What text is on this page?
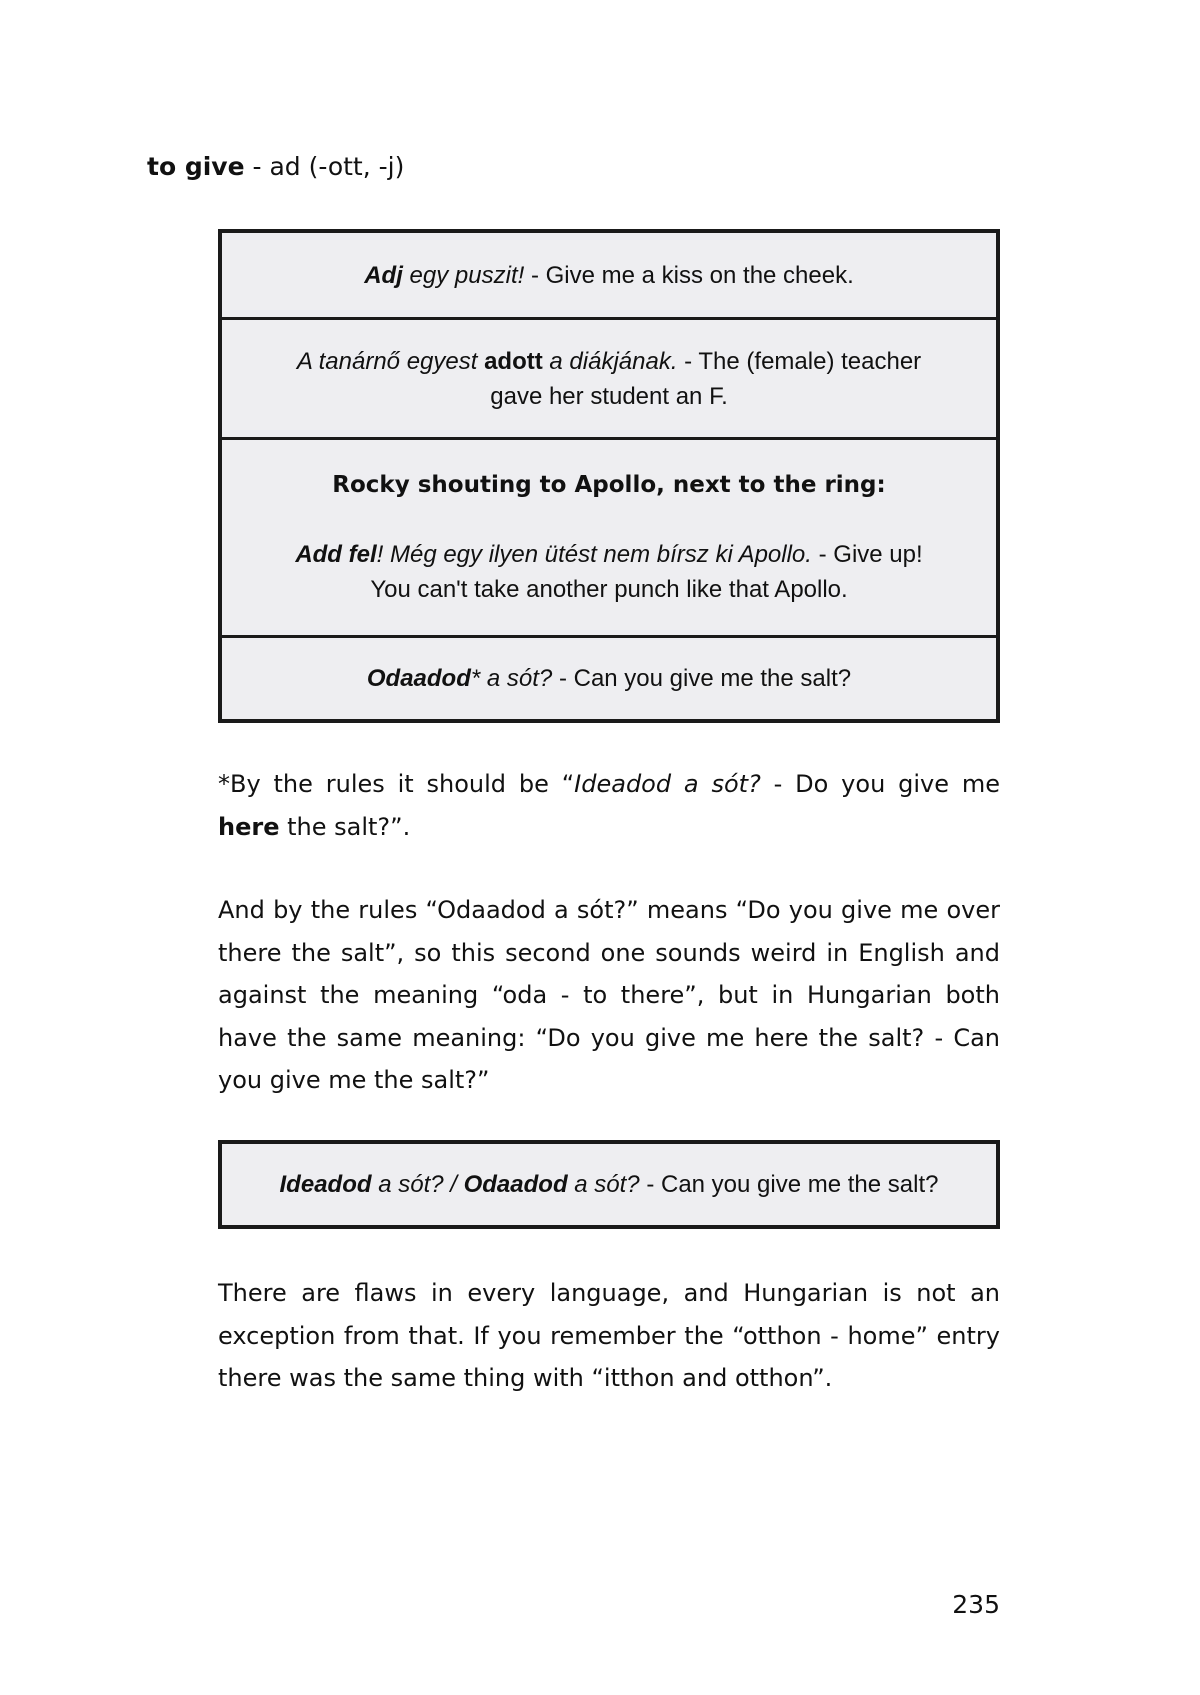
to give - ad (-ott, -j)
Adj egy puszit! - Give me a kiss on the cheek.
A tanárnő egyest adott a diákjának. - The (female) teacher
gave her student an F.
Rocky shouting to Apollo, next to the ring:
Add fel! Még egy ilyen ütést nem bírsz ki Apollo. - Give up!
You can't take another punch like that Apollo.
Odaadod* a sót? - Can you give me the salt?

*By the rules it should be “Ideadod a sót? - Do you give me here the salt?”.

And by the rules “Odaadod a sót?” means “Do you give me over there the salt”, so this second one sounds weird in English and against the meaning “oda - to there”, but in Hungarian both have the same meaning: “Do you give me here the salt? - Can you give me the salt?”

Ideadod a sót? / Odaadod a sót? - Can you give me the salt?

There are flaws in every language, and Hungarian is not an exception from that. If you remember the “otthon - home” entry there was the same thing with “itthon and otthon”.

235
